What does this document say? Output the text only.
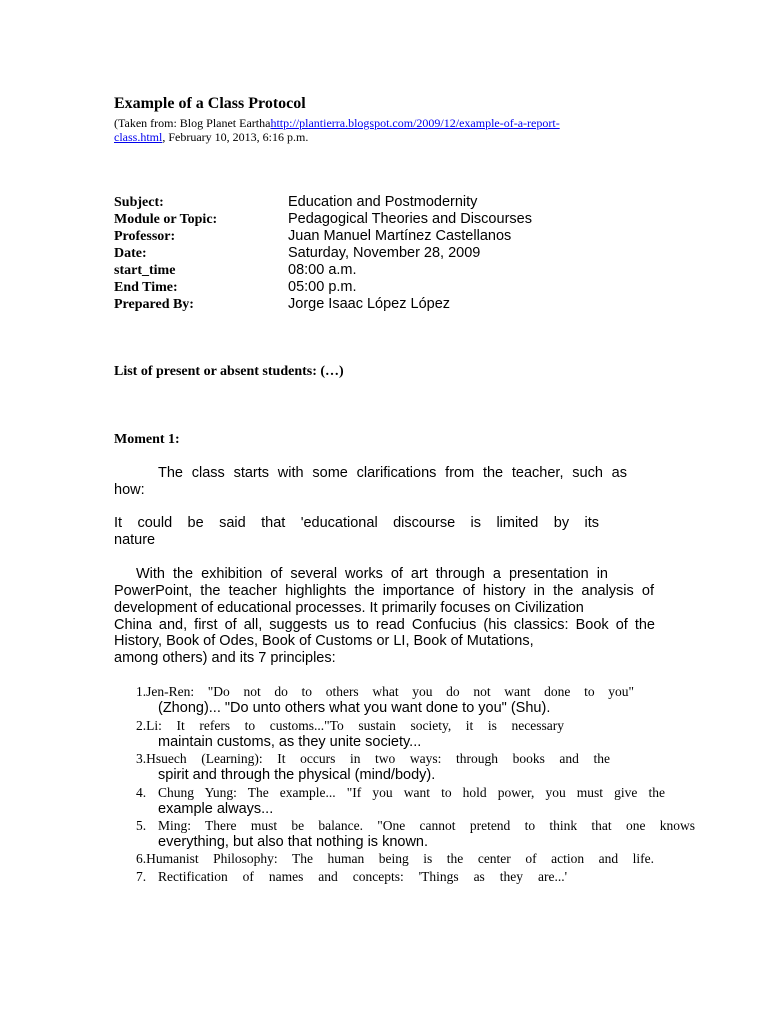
Example of a Class Protocol
(Taken from: Blog Planet Earthahttp://plantierra.blogspot.com/2009/12/example-of-a-report-
class.html, February 10, 2013, 6:16 p.m.
Subject:	Education and Postmodernity
Module or Topic:	Pedagogical Theories and Discourses
Professor:	Juan Manuel Martínez Castellanos
Date:	Saturday, November 28, 2009
start_time	08:00 a.m.
End Time:	05:00 p.m.
Prepared By:	Jorge Isaac López López
List of present or absent students: (…)
Moment 1:
The class starts with some clarifications from the teacher, such as
how:
It could be said that 'educational discourse is limited by its
nature
With the exhibition of several works of art through a presentation in
PowerPoint, the teacher highlights the importance of history in the analysis of
development of educational processes. It primarily focuses on Civilization
China and, first of all, suggests us to read Confucius (his classics: Book of the
History, Book of Odes, Book of Customs or LI, Book of Mutations,
among others) and its 7 principles:
1.Jen-Ren: "Do not do to others what you do not want done to you"
(Zhong)... "Do unto others what you want done to you" (Shu).
2.Li: It refers to customs..."To sustain society, it is necessary
maintain customs, as they unite society...
3.Hsuech (Learning): It occurs in two ways: through books and the
spirit and through the physical (mind/body).
4. Chung Yung: The example... "If you want to hold power, you must give the
example always...
5. Ming: There must be balance. "One cannot pretend to think that one knows
everything, but also that nothing is known.
6.Humanist Philosophy: The human being is the center of action and life.
7. Rectification of names and concepts: 'Things as they are...'
